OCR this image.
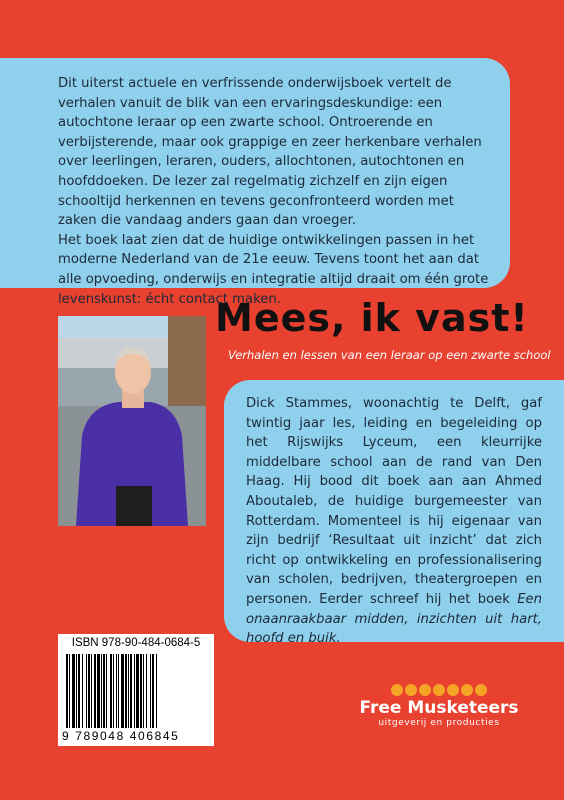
Dit uiterst actuele en verfrissende onderwijsboek vertelt de verhalen vanuit de blik van een ervaringsdeskundige: een autochtone leraar op een zwarte school. Ontroerende en verbijsterende, maar ook grappige en zeer herkenbare verhalen over leerlingen, leraren, ouders, allochtonen, autochtonen en hoofddoeken. De lezer zal regelmatig zichzelf en zijn eigen schooltijd herkennen en tevens geconfronteerd worden met zaken die vandaag anders gaan dan vroeger.

Het boek laat zien dat de huidige ontwikkelingen passen in het moderne Nederland van de 21e eeuw. Tevens toont het aan dat alle opvoeding, onderwijs en integratie altijd draait om één grote levenskunst: écht contact maken.

Mees, ik vast!
Verhalen en lessen van een leraar op een zwarte school

Dick Stammes, woonachtig te Delft, gaf twintig jaar les, leiding en begeleiding op het Rijswijks Lyceum, een kleurrijke middelbare school aan de rand van Den Haag. Hij bood dit boek aan aan Ahmed Aboutaleb, de huidige burgemeester van Rotterdam. Momenteel is hij eigenaar van zijn bedrijf ‘Resultaat uit inzicht’ dat zich richt op ontwikkeling en professionalisering van scholen, bedrijven, theatergroepen en personen. Eerder schreef hij het boek Een onaanraakbaar midden, inzichten uit hart, hoofd en buik.

ISBN 978-90-484-0684-5
9 789048 406845
Free Musketeers
uitgeverij en producties
